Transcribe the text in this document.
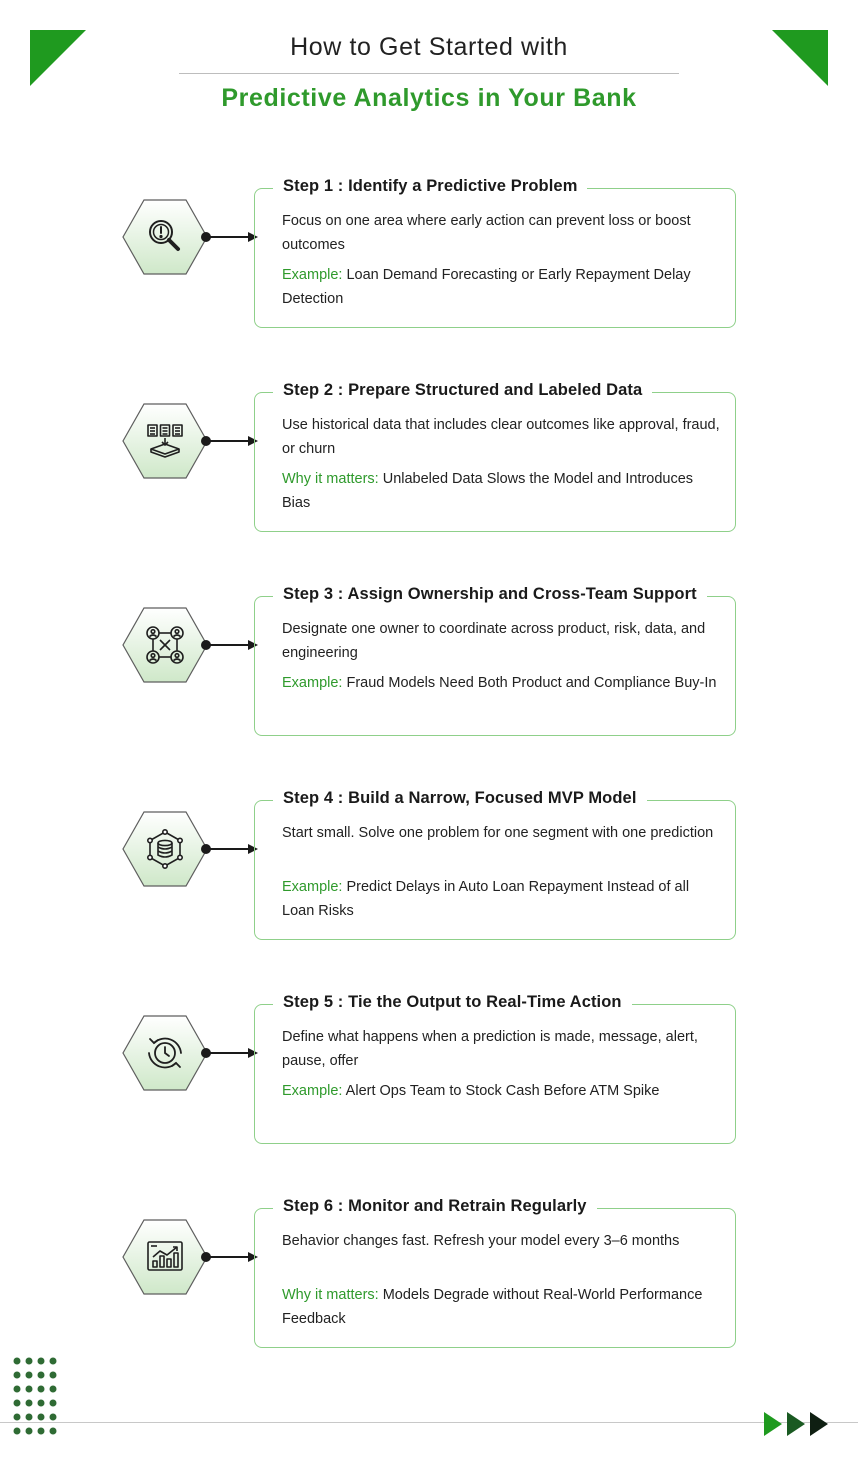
How to Get Started with
Predictive Analytics in Your Bank
Step 1 : Identify a Predictive Problem
Focus on one area where early action can prevent loss or boost outcomes
Example: Loan Demand Forecasting or Early Repayment Delay Detection
Step 2 : Prepare Structured and Labeled Data
Use historical data that includes clear outcomes like approval, fraud, or churn
Why it matters: Unlabeled Data Slows the Model and Introduces Bias
Step 3 : Assign Ownership and Cross-Team Support
Designate one owner to coordinate across product, risk, data, and engineering
Example: Fraud Models Need Both Product and Compliance Buy-In
Step 4 : Build a Narrow, Focused MVP Model
Start small. Solve one problem for one segment with one prediction
Example: Predict Delays in Auto Loan Repayment Instead of all Loan Risks
Step 5 : Tie the Output to Real-Time Action
Define what happens when a prediction is made, message, alert, pause, offer
Example: Alert Ops Team to Stock Cash Before ATM Spike
Step 6 : Monitor and Retrain Regularly
Behavior changes fast. Refresh your model every 3–6 months
Why it matters: Models Degrade without Real-World Performance Feedback
